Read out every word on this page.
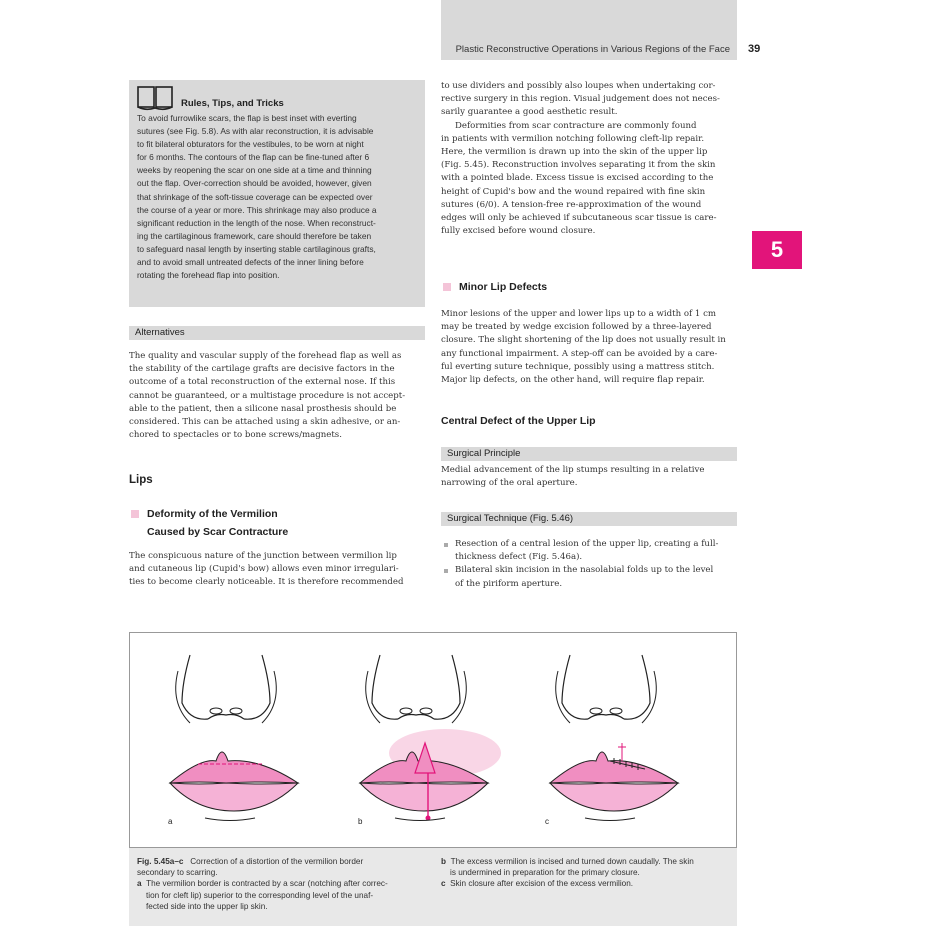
Plastic Reconstructive Operations in Various Regions of the Face 39
5
Rules, Tips, and Tricks
To avoid furrowlike scars, the flap is best inset with everting
sutures (see Fig. 5.8). As with alar reconstruction, it is advisable
to fit bilateral obturators for the vestibules, to be worn at night
for 6 months. The contours of the flap can be fine-tuned after 6
weeks by reopening the scar on one side at a time and thinning
out the flap. Over-correction should be avoided, however, given
that shrinkage of the soft-tissue coverage can be expected over
the course of a year or more. This shrinkage may also produce a
significant reduction in the length of the nose. When reconstruct-
ing the cartilaginous framework, care should therefore be taken
to safeguard nasal length by inserting stable cartilaginous grafts,
and to avoid small untreated defects of the inner lining before
rotating the forehead flap into position.
Alternatives
The quality and vascular supply of the forehead flap as well as
the stability of the cartilage grafts are decisive factors in the
outcome of a total reconstruction of the external nose. If this
cannot be guaranteed, or a multistage procedure is not accept-
able to the patient, then a silicone nasal prosthesis should be
considered. This can be attached using a skin adhesive, or an-
chored to spectacles or to bone screws/magnets.
Lips
Deformity of the Vermilion
Caused by Scar Contracture
The conspicuous nature of the junction between vermilion lip
and cutaneous lip (Cupid's bow) allows even minor irregulari-
ties to become clearly noticeable. It is therefore recommended
to use dividers and possibly also loupes when undertaking cor-
rective surgery in this region. Visual judgement does not neces-
sarily guarantee a good aesthetic result.
Deformities from scar contracture are commonly found
in patients with vermilion notching following cleft-lip repair.
Here, the vermilion is drawn up into the skin of the upper lip
(Fig. 5.45). Reconstruction involves separating it from the skin
with a pointed blade. Excess tissue is excised according to the
height of Cupid's bow and the wound repaired with fine skin
sutures (6/0). A tension-free re-approximation of the wound
edges will only be achieved if subcutaneous scar tissue is care-
fully excised before wound closure.
Minor Lip Defects
Minor lesions of the upper and lower lips up to a width of 1 cm
may be treated by wedge excision followed by a three-layered
closure. The slight shortening of the lip does not usually result in
any functional impairment. A step-off can be avoided by a care-
ful everting suture technique, possibly using a mattress stitch.
Major lip defects, on the other hand, will require flap repair.
Central Defect of the Upper Lip
Surgical Principle
Medial advancement of the lip stumps resulting in a relative
narrowing of the oral aperture.
Surgical Technique (Fig. 5.46)
Resection of a central lesion of the upper lip, creating a full-
thickness defect (Fig. 5.46a).
Bilateral skin incision in the nasolabial folds up to the level
of the piriform aperture.
a	b	c
Fig. 5.45a–c Correction of a distortion of the vermilion border
secondary to scarring.
a The vermilion border is contracted by a scar (notching after correc-
tion for cleft lip) superior to the corresponding level of the unaf-
fected side into the upper lip skin.
b The excess vermilion is incised and turned down caudally. The skin
is undermined in preparation for the primary closure.
c Skin closure after excision of the excess vermilion.
